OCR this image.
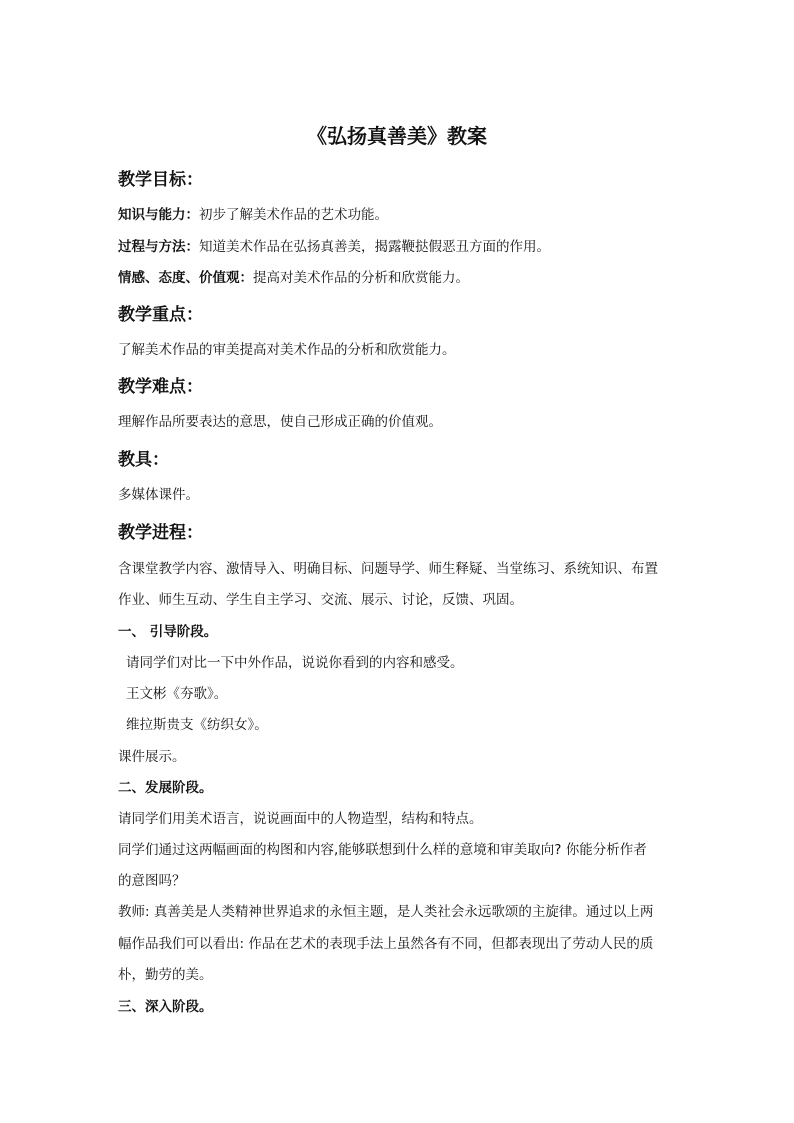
《弘扬真善美》教案
教学目标：
知识与能力：初步了解美术作品的艺术功能。
过程与方法：知道美术作品在弘扬真善美，揭露鞭挞假恶丑方面的作用。
情感、态度、价值观：提高对美术作品的分析和欣赏能力。
教学重点：
了解美术作品的审美提高对美术作品的分析和欣赏能力。
教学难点：
理解作品所要表达的意思，使自己形成正确的价值观。
教具：
多媒体课件。
教学进程：
含课堂教学内容、激情导入、明确目标、问题导学、师生释疑、当堂练习、系统知识、布置
作业、师生互动、学生自主学习、交流、展示、讨论，反馈、巩固。
一、 引导阶段。
请同学们对比一下中外作品，说说你看到的内容和感受。
王文彬《夯歌》。
维拉斯贵支《纺织女》。
课件展示。
二、发展阶段。
请同学们用美术语言，说说画面中的人物造型，结构和特点。
同学们通过这两幅画面的构图和内容,能够联想到什么样的意境和审美取向? 你能分析作者
的意图吗？
教师: 真善美是人类精神世界追求的永恒主题，是人类社会永远歌颂的主旋律。通过以上两
幅作品我们可以看出: 作品在艺术的表现手法上虽然各有不同，但都表现出了劳动人民的质
朴，勤劳的美。
三、深入阶段。
